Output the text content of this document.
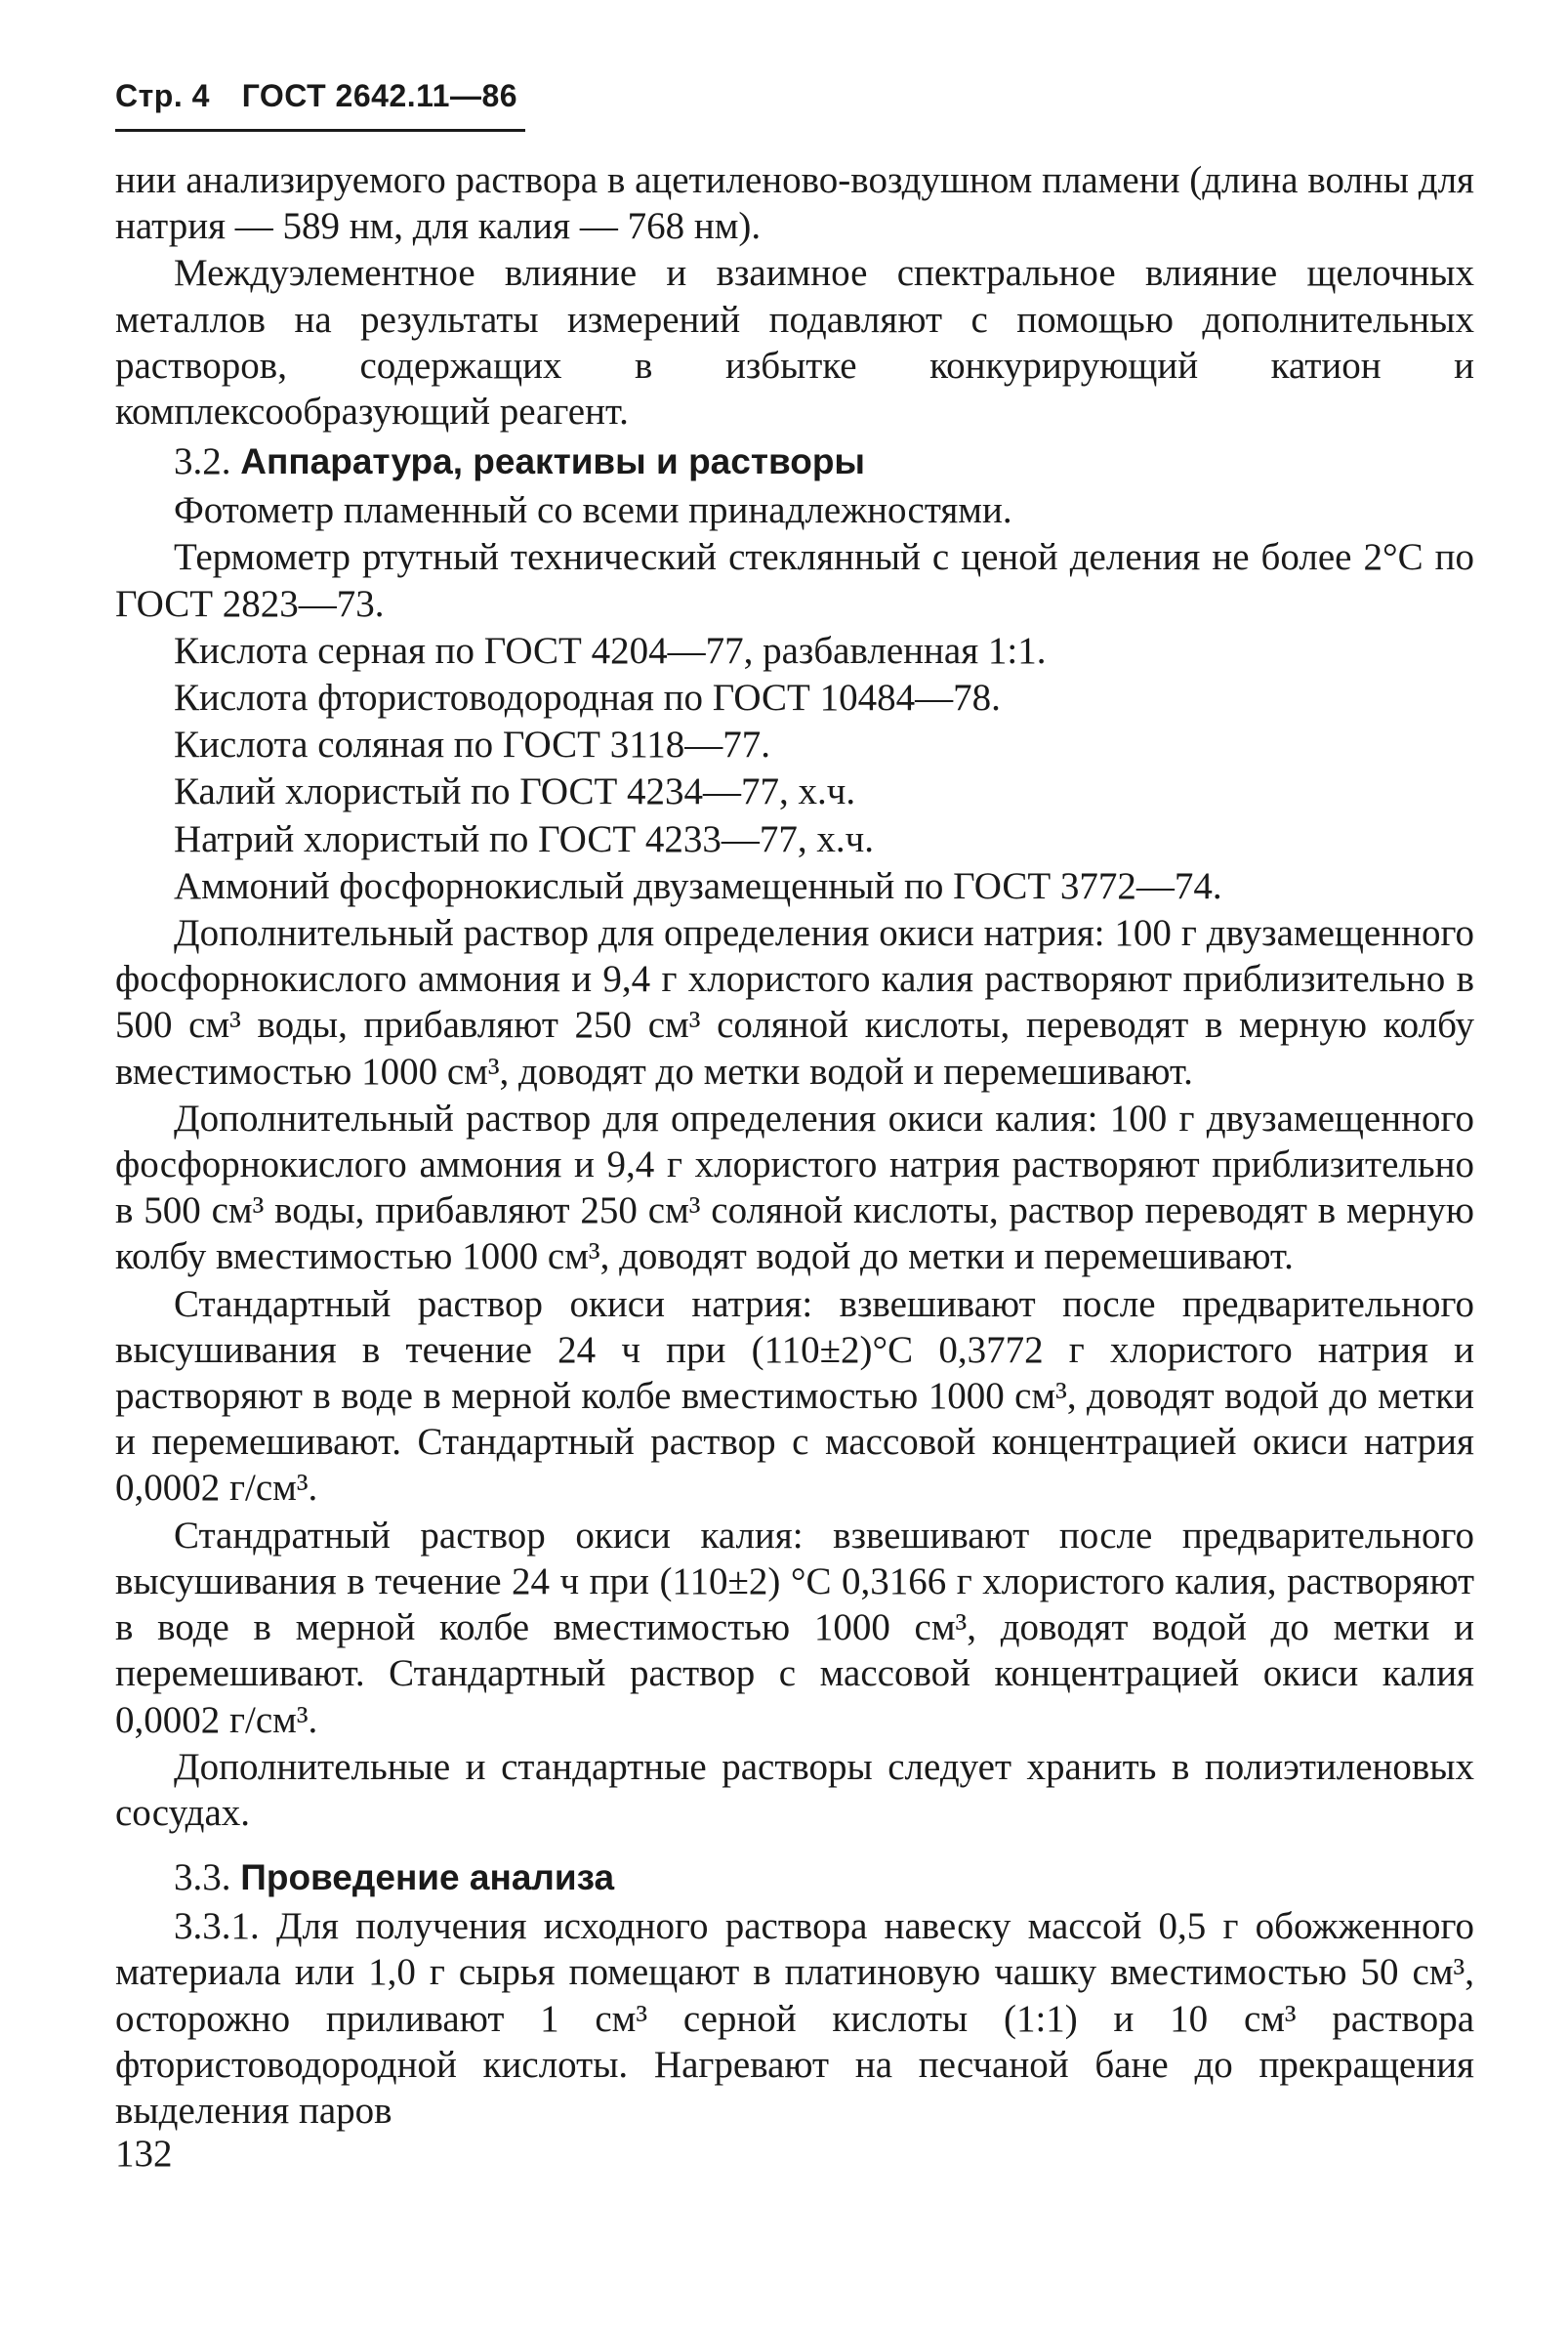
Стр. 4 ГОСТ 2642.11—86

нии анализируемого раствора в ацетиленово-воздушном пламени (длина волны для натрия — 589 нм, для калия — 768 нм).

Междуэлементное влияние и взаимное спектральное влияние щелочных металлов на результаты измерений подавляют с помощью дополнительных растворов, содержащих в избытке конкурирующий катион и комплексообразующий реагент.

3.2. Аппаратура, реактивы и растворы

Фотометр пламенный со всеми принадлежностями.

Термометр ртутный технический стеклянный с ценой деления не более 2°С по ГОСТ 2823—73.

Кислота серная по ГОСТ 4204—77, разбавленная 1:1.

Кислота фтористоводородная по ГОСТ 10484—78.

Кислота соляная по ГОСТ 3118—77.

Калий хлористый по ГОСТ 4234—77, х.ч.

Натрий хлористый по ГОСТ 4233—77, х.ч.

Аммоний фосфорнокислый двузамещенный по ГОСТ 3772—74.

Дополнительный раствор для определения окиси натрия: 100 г двузамещенного фосфорнокислого аммония и 9,4 г хлористого калия растворяют приблизительно в 500 см³ воды, прибавляют 250 см³ соляной кислоты, переводят в мерную колбу вместимостью 1000 см³, доводят до метки водой и перемешивают.

Дополнительный раствор для определения окиси калия: 100 г двузамещенного фосфорнокислого аммония и 9,4 г хлористого натрия растворяют приблизительно в 500 см³ воды, прибавляют 250 см³ соляной кислоты, раствор переводят в мерную колбу вместимостью 1000 см³, доводят водой до метки и перемешивают.

Стандартный раствор окиси натрия: взвешивают после предварительного высушивания в течение 24 ч при (110±2)°С 0,3772 г хлористого натрия и растворяют в воде в мерной колбе вместимостью 1000 см³, доводят водой до метки и перемешивают. Стандартный раствор с массовой концентрацией окиси натрия 0,0002 г/см³.

Стандратный раствор окиси калия: взвешивают после предварительного высушивания в течение 24 ч при (110±2) °С 0,3166 г хлористого калия, растворяют в воде в мерной колбе вместимостью 1000 см³, доводят водой до метки и перемешивают. Стандартный раствор с массовой концентрацией окиси калия 0,0002 г/см³.

Дополнительные и стандартные растворы следует хранить в полиэтиленовых сосудах.

3.3. Проведение анализа

3.3.1. Для получения исходного раствора навеску массой 0,5 г обожженного материала или 1,0 г сырья помещают в платиновую чашку вместимостью 50 см³, осторожно приливают 1 см³ серной кислоты (1:1) и 10 см³ раствора фтористоводородной кислоты. Нагревают на песчаной бане до прекращения выделения паров

132
